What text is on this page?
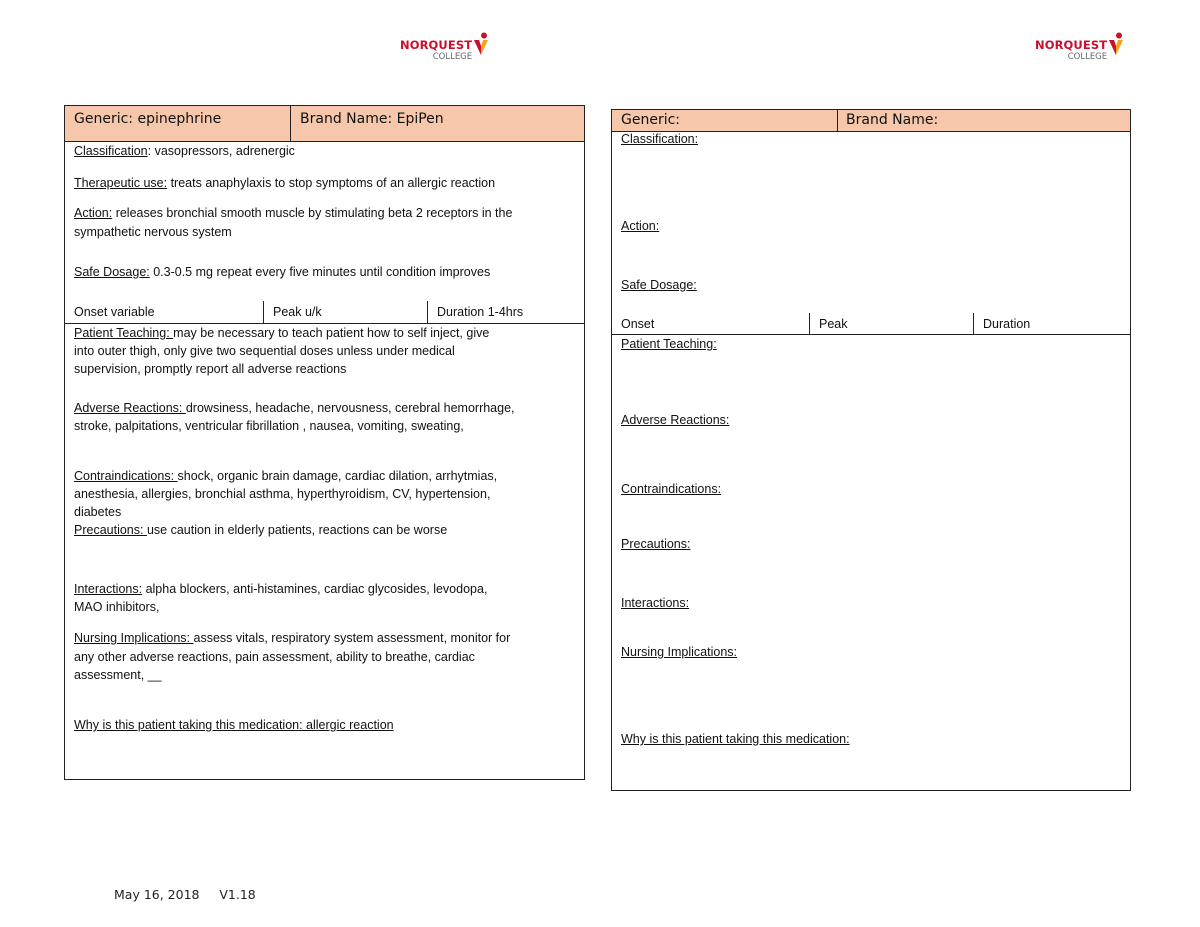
NORQUEST
COLLEGE
NORQUEST
COLLEGE
Generic: epinephrine	Brand Name: EpiPen
Classification: vasopressors, adrenergic
Therapeutic use: treats anaphylaxis to stop symptoms of an allergic reaction
Action: releases bronchial smooth muscle by stimulating beta 2 receptors in the
sympathetic nervous system
Safe Dosage: 0.3-0.5 mg repeat every five minutes until condition improves
Onset variable	Peak u/k	Duration 1-4hrs
Patient Teaching: may be necessary to teach patient how to self inject, give
into outer thigh, only give two sequential doses unless under medical
supervision, promptly report all adverse reactions
Adverse Reactions: drowsiness, headache, nervousness, cerebral hemorrhage,
stroke, palpitations, ventricular fibrillation , nausea, vomiting, sweating,
Contraindications: shock, organic brain damage, cardiac dilation, arrhytmias,
anesthesia, allergies, bronchial asthma, hyperthyroidism, CV, hypertension,
diabetes
Precautions: use caution in elderly patients, reactions can be worse
Interactions: alpha blockers, anti-histamines, cardiac glycosides, levodopa,
MAO inhibitors,
Nursing Implications: assess vitals, respiratory system assessment, monitor for
any other adverse reactions, pain assessment, ability to breathe, cardiac
assessment, __
Why is this patient taking this medication: allergic reaction
Generic:	Brand Name:
Classification:
Action:
Safe Dosage:
Onset	Peak	Duration
Patient Teaching:
Adverse Reactions:
Contraindications:
Precautions:
Interactions:
Nursing Implications:
Why is this patient taking this medication:
May 16, 2018 V1.18
